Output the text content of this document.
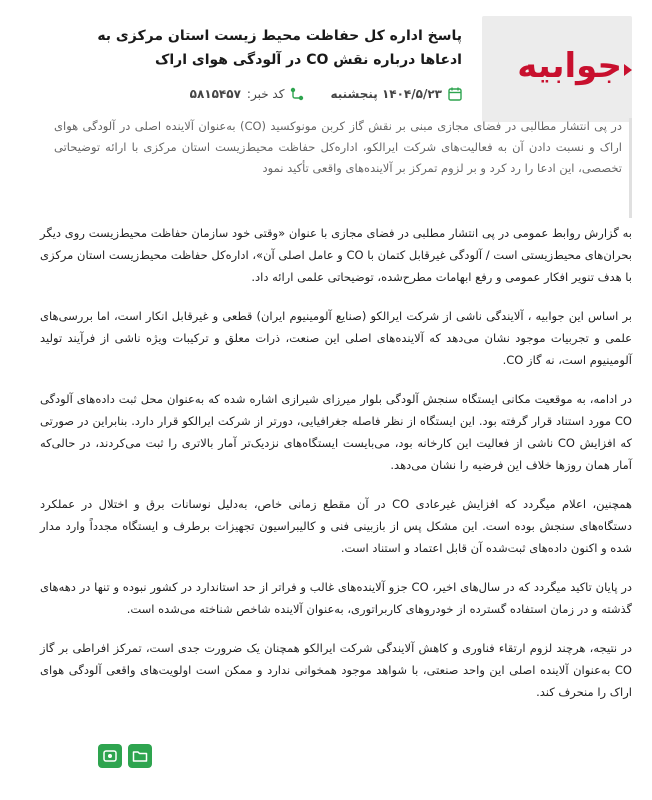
جوابیه
پاسخ اداره کل حفاظت محیط زیست استان مرکزی به ادعاها درباره نقش CO در آلودگی هوای اراک
۱۴۰۴/۵/۲۳ پنجشنبه
کد خبر:
۵۸۱۵۴۵۷

در پی انتشار مطالبی در فضای مجازی مبنی بر نقش گاز کربن مونوکسید (CO) به‌عنوان آلاینده اصلی در آلودگی هوای اراک و نسبت دادن آن به فعالیت‌های شرکت ایرالکو، اداره‌کل حفاظت محیط‌زیست استان مرکزی با ارائه توضیحاتی تخصصی، این ادعا را رد کرد و بر لزوم تمرکز بر آلاینده‌های واقعی تأکید نمود

به گزارش روابط عمومی در پی انتشار مطلبی در فضای مجازی با عنوان «وقتی خود سازمان حفاظت محیط‌زیست روی دیگر بحران‌های محیط‌زیستی است / آلودگی غیرقابل کتمان با CO و عامل اصلی آن»، اداره‌کل حفاظت محیط‌زیست استان مرکزی با هدف تنویر افکار عمومی و رفع ابهامات مطرح‌شده، توضیحاتی علمی ارائه داد.

بر اساس این جوابیه ، آلایندگی ناشی از شرکت ایرالکو (صنایع آلومینیوم ایران) قطعی و غیرقابل انکار است، اما بررسی‌های علمی و تجربیات موجود نشان می‌دهد که آلاینده‌های اصلی این صنعت، ذرات معلق و ترکیبات ویژه ناشی از فرآیند تولید آلومینیوم است، نه گاز CO.

در ادامه، به موقعیت مکانی ایستگاه سنجش آلودگی بلوار میرزای شیرازی اشاره شده که به‌عنوان محل ثبت داده‌های آلودگی CO مورد استناد قرار گرفته بود. این ایستگاه از نظر فاصله جغرافیایی، دورتر از شرکت ایرالکو قرار دارد. بنابراین در صورتی که افزایش CO ناشی از فعالیت این کارخانه بود، می‌بایست ایستگاه‌های نزدیک‌تر آمار بالاتری را ثبت می‌کردند، در حالی‌که آمار همان روزها خلاف این فرضیه را نشان می‌دهد.

همچنین، اعلام میگردد که افزایش غیرعادی CO در آن مقطع زمانی خاص، به‌دلیل نوسانات برق و اختلال در عملکرد دستگاه‌های سنجش بوده است. این مشکل پس از بازبینی فنی و کالیبراسیون تجهیزات برطرف و ایستگاه مجدداً وارد مدار شده و اکنون داده‌های ثبت‌شده آن قابل اعتماد و استناد است.

در پایان تاکید میگردد که در سال‌های اخیر، CO جزو آلاینده‌های غالب و فراتر از حد استاندارد در کشور نبوده و تنها در دهه‌های گذشته و در زمان استفاده گسترده از خودروهای کاربراتوری، به‌عنوان آلاینده شاخص شناخته می‌شده است.

در نتیجه، هرچند لزوم ارتقاء فناوری و کاهش آلایندگی شرکت ایرالکو همچنان یک ضرورت جدی است، تمرکز افراطی بر گاز CO به‌عنوان آلاینده اصلی این واحد صنعتی، با شواهد موجود همخوانی ندارد و ممکن است اولویت‌های واقعی آلودگی هوای اراک را منحرف کند.
